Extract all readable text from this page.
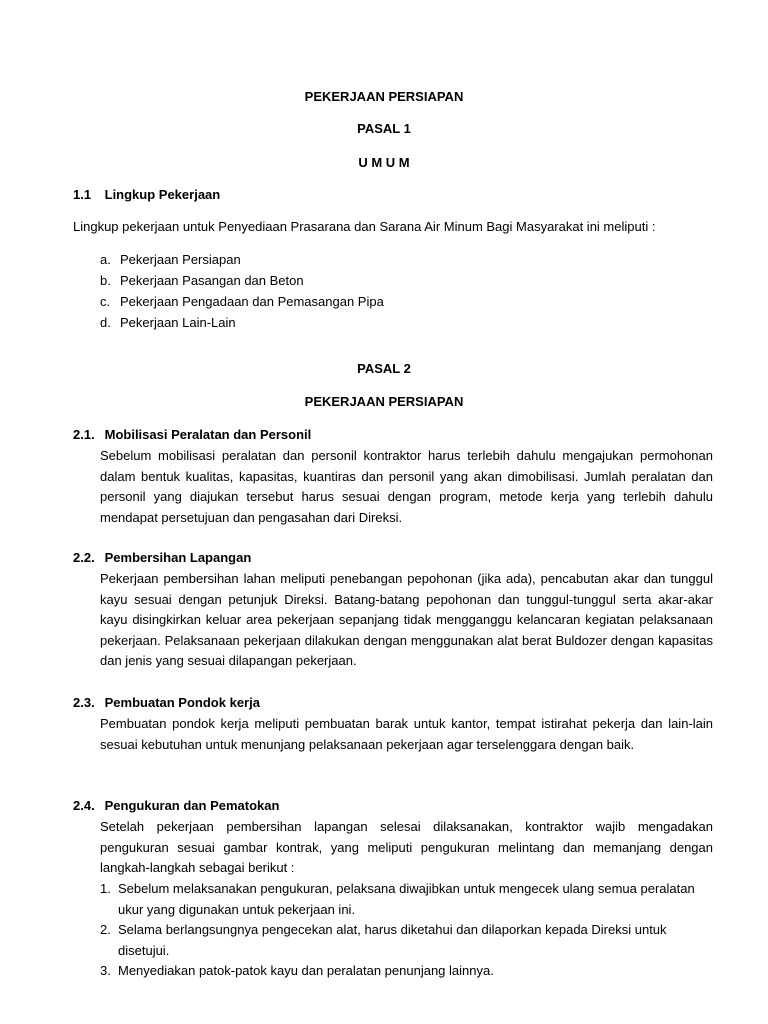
PEKERJAAN PERSIAPAN
PASAL 1
U M U M
1.1 Lingkup Pekerjaan
Lingkup pekerjaan untuk Penyediaan Prasarana dan Sarana Air Minum Bagi Masyarakat ini meliputi :
a. Pekerjaan Persiapan
b. Pekerjaan Pasangan dan Beton
c. Pekerjaan Pengadaan dan Pemasangan Pipa
d. Pekerjaan Lain-Lain
PASAL 2
PEKERJAAN PERSIAPAN
2.1. Mobilisasi Peralatan dan Personil
Sebelum mobilisasi peralatan dan personil kontraktor harus terlebih dahulu mengajukan permohonan dalam bentuk kualitas, kapasitas, kuantiras dan personil yang akan dimobilisasi. Jumlah peralatan dan personil yang diajukan tersebut harus sesuai dengan program, metode kerja yang terlebih dahulu mendapat persetujuan dan pengasahan dari Direksi.
2.2. Pembersihan Lapangan
Pekerjaan pembersihan lahan meliputi penebangan pepohonan (jika ada), pencabutan akar dan tunggul kayu sesuai dengan petunjuk Direksi. Batang-batang pepohonan dan tunggul-tunggul serta akar-akar kayu disingkirkan keluar area pekerjaan sepanjang tidak mengganggu kelancaran kegiatan pelaksanaan pekerjaan. Pelaksanaan pekerjaan dilakukan dengan menggunakan alat berat Buldozer dengan kapasitas dan jenis yang sesuai dilapangan pekerjaan.
2.3. Pembuatan Pondok kerja
Pembuatan pondok kerja meliputi pembuatan barak untuk kantor, tempat istirahat pekerja dan lain-lain sesuai kebutuhan untuk menunjang pelaksanaan pekerjaan agar terselenggara dengan baik.
2.4. Pengukuran dan Pematokan
Setelah pekerjaan pembersihan lapangan selesai dilaksanakan, kontraktor wajib mengadakan pengukuran sesuai gambar kontrak, yang meliputi pengukuran melintang dan memanjang dengan langkah-langkah sebagai berikut :
1. Sebelum melaksanakan pengukuran, pelaksana diwajibkan untuk mengecek ulang semua peralatan ukur yang digunakan untuk pekerjaan ini.
2. Selama berlangsungnya pengecekan alat, harus diketahui dan dilaporkan kepada Direksi untuk disetujui.
3. Menyediakan patok-patok kayu dan peralatan penunjang lainnya.
